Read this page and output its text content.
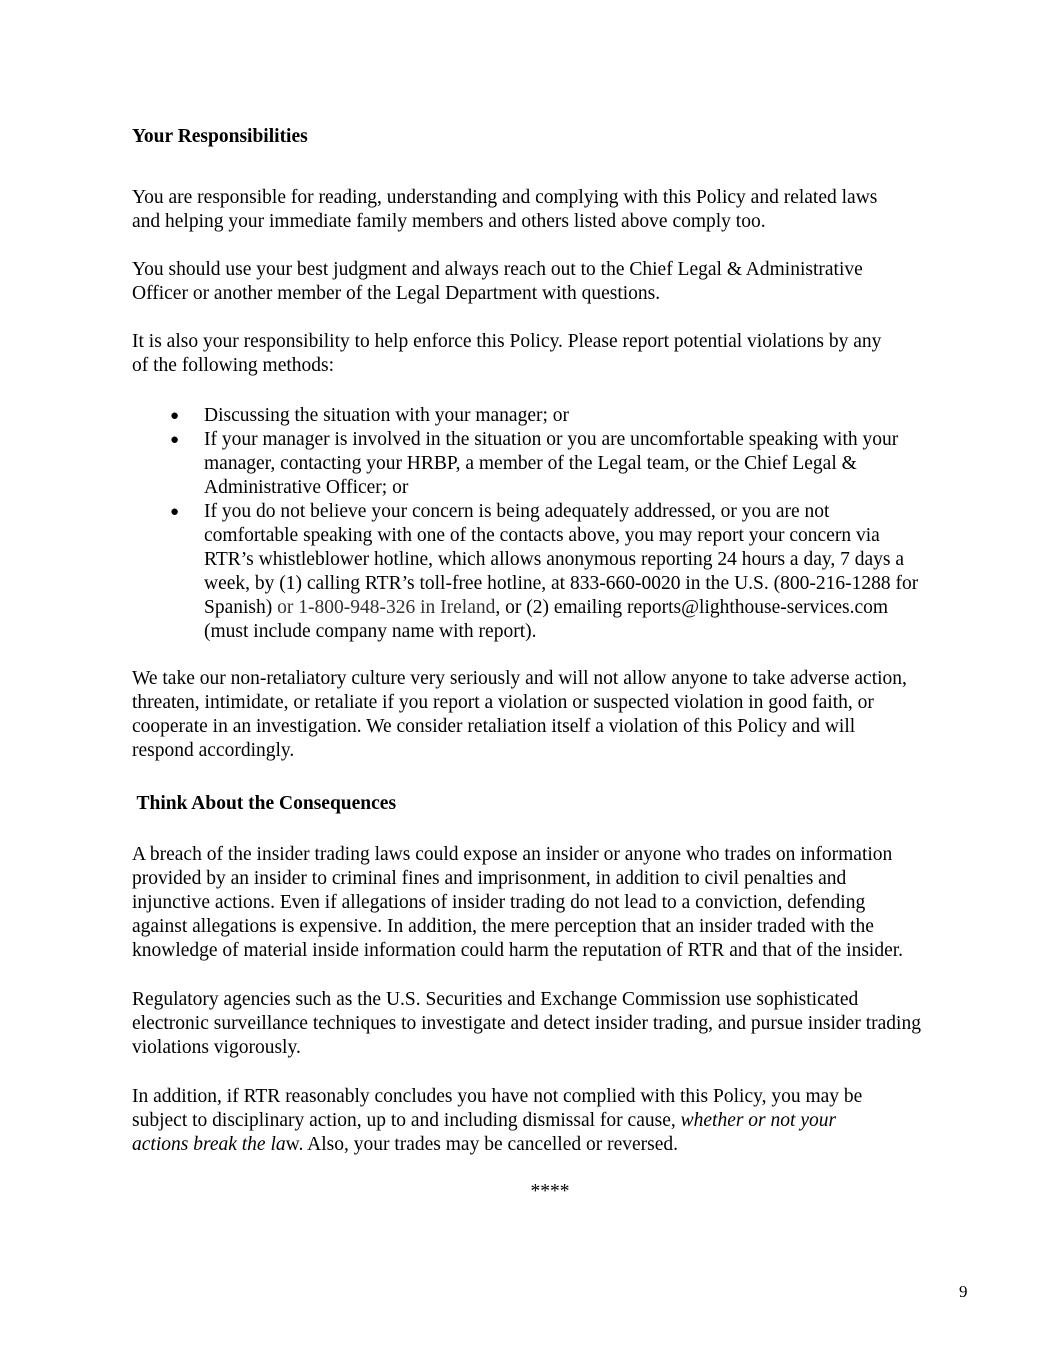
Your Responsibilities
You are responsible for reading, understanding and complying with this Policy and related laws
and helping your immediate family members and others listed above comply too.
You should use your best judgment and always reach out to the Chief Legal & Administrative
Officer or another member of the Legal Department with questions.
It is also your responsibility to help enforce this Policy. Please report potential violations by any
of the following methods:
●	Discussing the situation with your manager; or
●	If your manager is involved in the situation or you are uncomfortable speaking with your
manager, contacting your HRBP, a member of the Legal team, or the Chief Legal &
Administrative Officer; or
●	If you do not believe your concern is being adequately addressed, or you are not
comfortable speaking with one of the contacts above, you may report your concern via
RTR’s whistleblower hotline, which allows anonymous reporting 24 hours a day, 7 days a
week, by (1) calling RTR’s toll-free hotline, at 833-660-0020 in the U.S. (800-216-1288 for
Spanish) or 1-800-948-326 in Ireland, or (2) emailing reports@lighthouse-services.com
(must include company name with report).
We take our non-retaliatory culture very seriously and will not allow anyone to take adverse action,
threaten, intimidate, or retaliate if you report a violation or suspected violation in good faith, or
cooperate in an investigation. We consider retaliation itself a violation of this Policy and will
respond accordingly.
Think About the Consequences
A breach of the insider trading laws could expose an insider or anyone who trades on information
provided by an insider to criminal fines and imprisonment, in addition to civil penalties and
injunctive actions. Even if allegations of insider trading do not lead to a conviction, defending
against allegations is expensive. In addition, the mere perception that an insider traded with the
knowledge of material inside information could harm the reputation of RTR and that of the insider.
Regulatory agencies such as the U.S. Securities and Exchange Commission use sophisticated
electronic surveillance techniques to investigate and detect insider trading, and pursue insider trading
violations vigorously.
In addition, if RTR reasonably concludes you have not complied with this Policy, you may be
subject to disciplinary action, up to and including dismissal for cause, whether or not your
actions break the law. Also, your trades may be cancelled or reversed.
****
9
